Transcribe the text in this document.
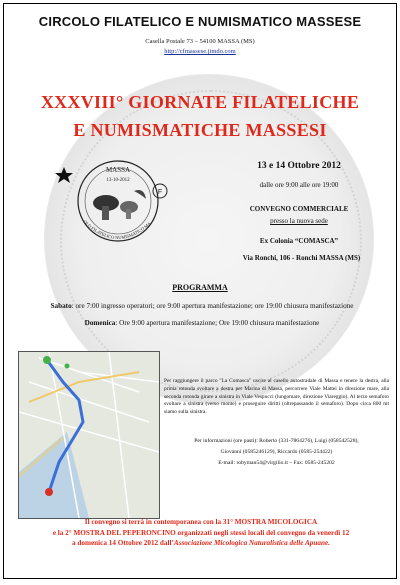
CIRCOLO FILATELICO E NUMISMATICO MASSESE
Casella Postale 73 – 54100 MASSA (MS)
http://cfmassese.jimdo.com
XXXVIII° GIORNATE FILATELICHE
E NUMISMATICHE MASSESI
MASSA
13-10-2012
F
OLO FILATELICO NUMISMATICO MA
13 e 14 Ottobre 2012
dalle ore 9:00 alle ore 19:00
CONVEGNO COMMERCIALE
presso la nuova sede
Ex Colonia “COMASCA”
Via Ronchi, 106 - Ronchi MASSA (MS)
PROGRAMMA
Sabato: ore 7:00 ingresso operatori; ore 9:00 apertura manifestazione; ore 19:00 chiusura manifestazione
Domenica: Ore 9:00 apertura manifestazione; Ore 19:00 chiusura manifestazione
Per raggiungere il parco "La Comasca" uscire al casello autostradale di Massa e tenere la destra, alla prima rotonda svoltare a destra per Marina di Massa, percorrere Viale Mattei in direzione mare, alla seconda rotonda girare a sinistra in Viale Vespucci (lungomare, direzione Viareggio). Al terzo semaforo svoltare a sinistra (verso monte) e proseguire diritti (oltrepassando il semaforo). Dopo circa 800 mt siamo sulla sinistra.
Per informazioni (ore pasti): Roberto (331-7864276), Luigi (058542528),
Giovanni (0585246129), Riccardo (0585-254422)
E-mail: robyman54@virgilio.it – Fax: 0585-245202
Il convegno si terrà in contemporanea con la 31° MOSTRA MICOLOGICA
e la 2° MOSTRA DEL PEPERONCINO organizzati negli stessi locali del convegno da venerdì 12
a domenica 14 Ottobre 2012 dall’Associazione Micologica Naturalistica delle Apuane.
